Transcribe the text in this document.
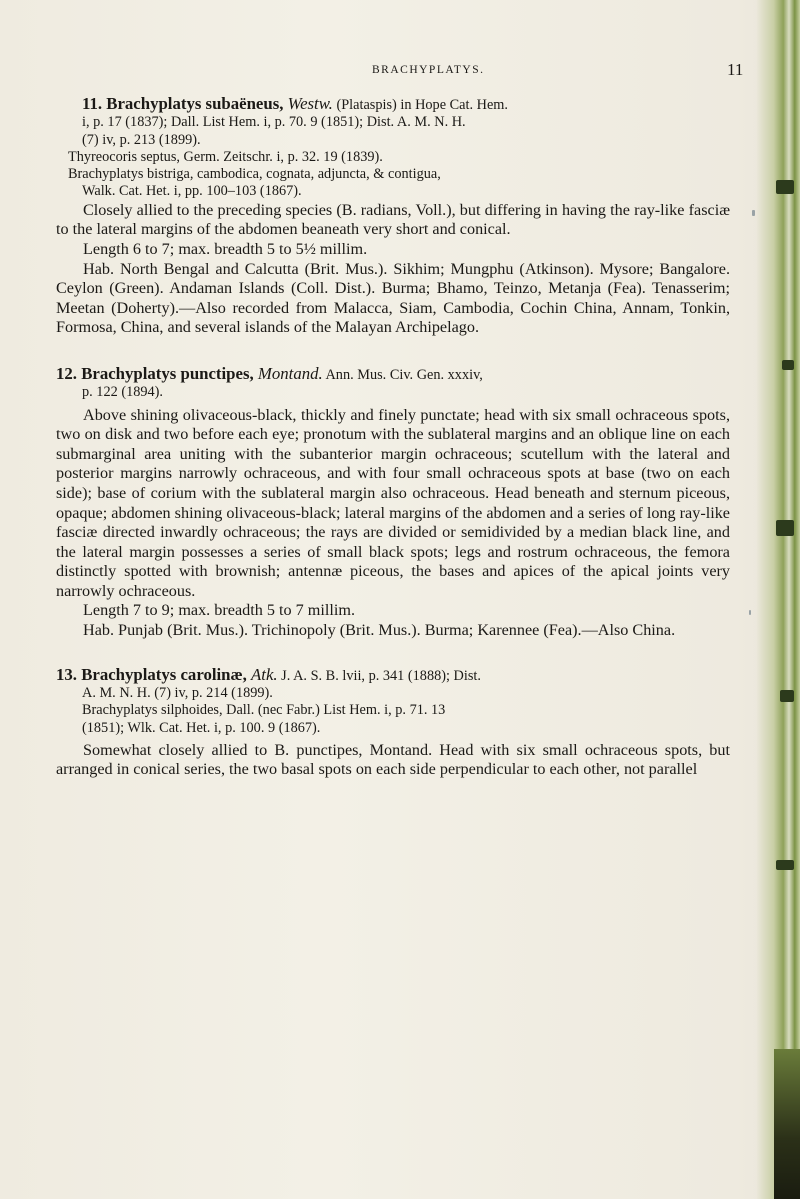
BRACHYPLATYS.	11

11. Brachyplatys subaëneus, Westw. (Plataspis) in Hope Cat. Hem.

i, p. 17 (1837); Dall. List Hem. i, p. 70. 9 (1851); Dist. A. M. N. H.

(7) iv, p. 213 (1899).

Thyreocoris septus, Germ. Zeitschr. i, p. 32. 19 (1839).

Brachyplatys bistriga, cambodica, cognata, adjuncta, & contigua,

Walk. Cat. Het. i, pp. 100–103 (1867).

Closely allied to the preceding species (B. radians, Voll.), but differing in having the ray-like fasciæ to the lateral margins of the abdomen beaneath very short and conical.

Length 6 to 7; max. breadth 5 to 5½ millim.

Hab. North Bengal and Calcutta (Brit. Mus.). Sikhim; Mungphu (Atkinson). Mysore; Bangalore. Ceylon (Green). Andaman Islands (Coll. Dist.). Burma; Bhamo, Teinzo, Metanja (Fea). Tenasserim; Meetan (Doherty).—Also recorded from Malacca, Siam, Cambodia, Cochin China, Annam, Tonkin, Formosa, China, and several islands of the Malayan Archipelago.

12. Brachyplatys punctipes, Montand. Ann. Mus. Civ. Gen. xxxiv,

p. 122 (1894).

Above shining olivaceous-black, thickly and finely punctate; head with six small ochraceous spots, two on disk and two before each eye; pronotum with the sublateral margins and an oblique line on each submarginal area uniting with the subanterior margin ochraceous; scutellum with the lateral and posterior margins narrowly ochraceous, and with four small ochraceous spots at base (two on each side); base of corium with the sublateral margin also ochraceous. Head beneath and sternum piceous, opaque; abdomen shining olivaceous-black; lateral margins of the abdomen and a series of long ray-like fasciæ directed inwardly ochraceous; the rays are divided or semidivided by a median black line, and the lateral margin possesses a series of small black spots; legs and rostrum ochraceous, the femora distinctly spotted with brownish; antennæ piceous, the bases and apices of the apical joints very narrowly ochraceous.

Length 7 to 9; max. breadth 5 to 7 millim.

Hab. Punjab (Brit. Mus.). Trichinopoly (Brit. Mus.). Burma; Karennee (Fea).—Also China.

13. Brachyplatys carolinæ, Atk. J. A. S. B. lvii, p. 341 (1888); Dist.

A. M. N. H. (7) iv, p. 214 (1899).

Brachyplatys silphoides, Dall. (nec Fabr.) List Hem. i, p. 71. 13

(1851); Wlk. Cat. Het. i, p. 100. 9 (1867).

Somewhat closely allied to B. punctipes, Montand. Head with six small ochraceous spots, but arranged in conical series, the two basal spots on each side perpendicular to each other, not parallel
